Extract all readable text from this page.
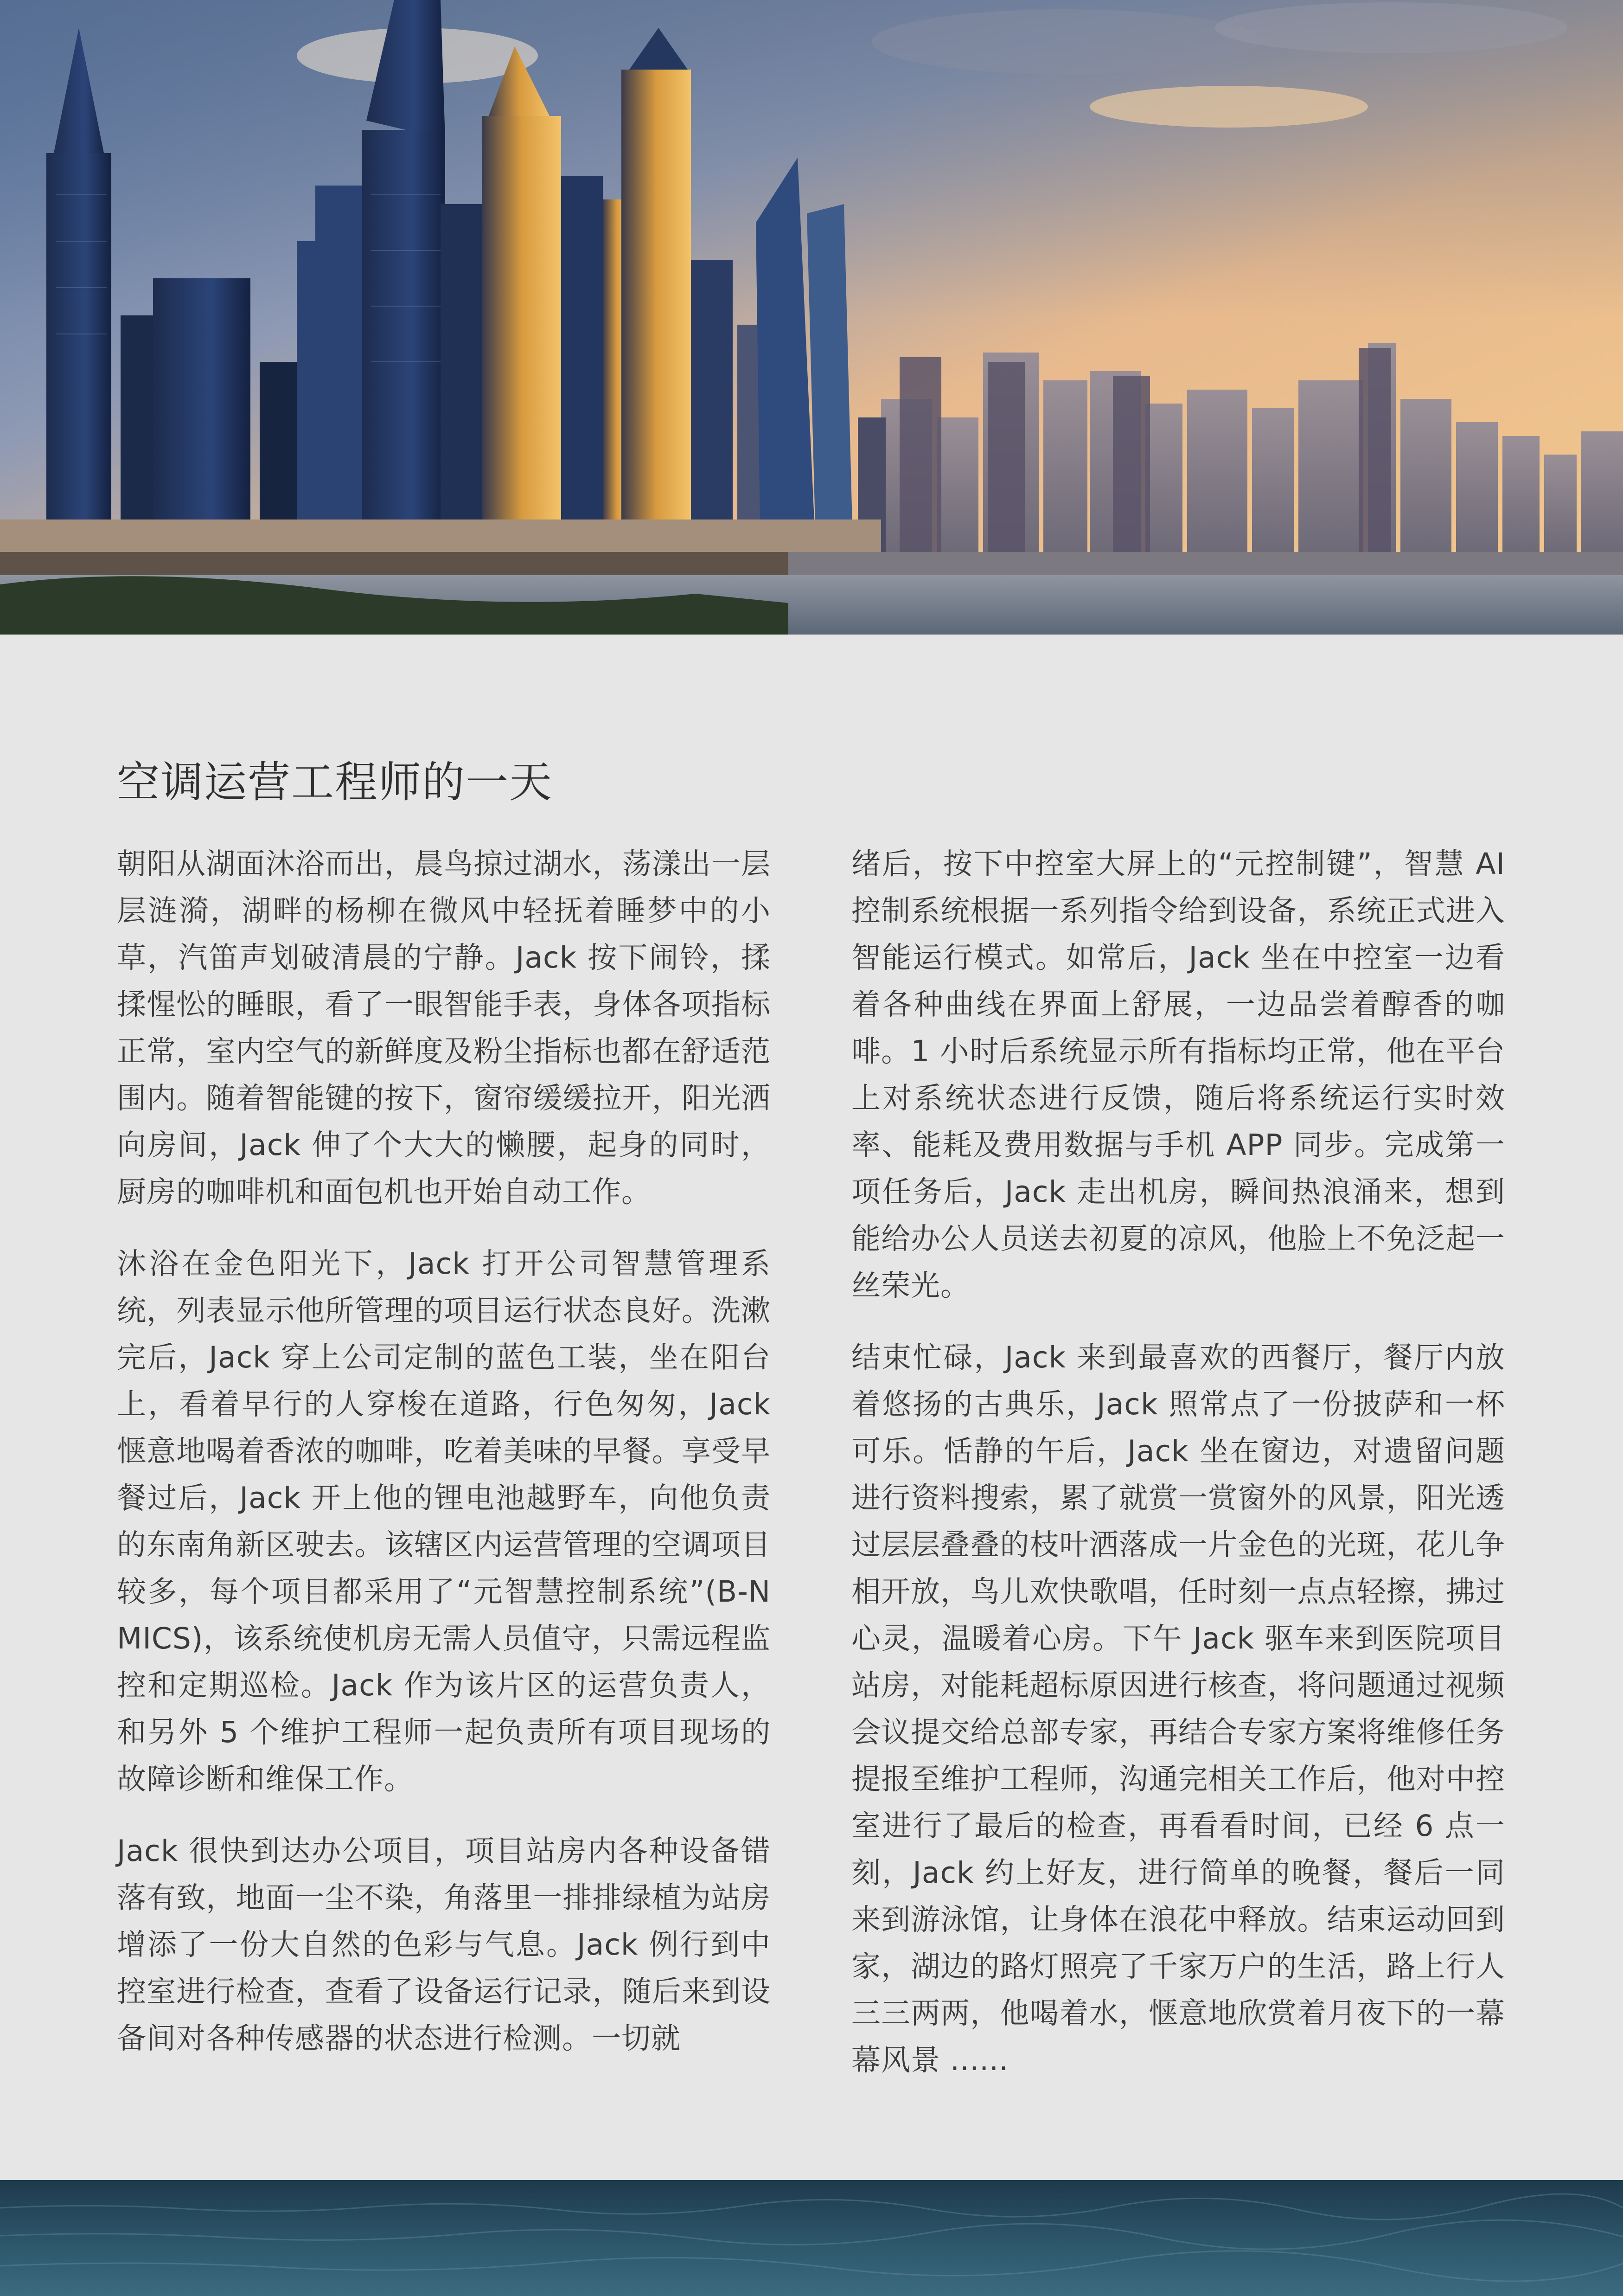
空调运营工程师的一天

朝阳从湖面沐浴而出，晨鸟掠过湖水，荡漾出一层层涟漪，湖畔的杨柳在微风中轻抚着睡梦中的小草，汽笛声划破清晨的宁静。Jack 按下闹铃，揉揉惺忪的睡眼，看了一眼智能手表，身体各项指标正常，室内空气的新鲜度及粉尘指标也都在舒适范围内。随着智能键的按下，窗帘缓缓拉开，阳光洒向房间，Jack 伸了个大大的懒腰，起身的同时，厨房的咖啡机和面包机也开始自动工作。

沐浴在金色阳光下，Jack 打开公司智慧管理系统，列表显示他所管理的项目运行状态良好。洗漱完后，Jack 穿上公司定制的蓝色工装，坐在阳台上，看着早行的人穿梭在道路，行色匆匆，Jack 惬意地喝着香浓的咖啡，吃着美味的早餐。享受早餐过后，Jack 开上他的锂电池越野车，向他负责的东南角新区驶去。该辖区内运营管理的空调项目较多，每个项目都采用了“元智慧控制系统”(B-NMICS)，该系统使机房无需人员值守，只需远程监控和定期巡检。Jack 作为该片区的运营负责人，和另外 5 个维护工程师一起负责所有项目现场的故障诊断和维保工作。

Jack 很快到达办公项目，项目站房内各种设备错落有致，地面一尘不染，角落里一排排绿植为站房增添了一份大自然的色彩与气息。Jack 例行到中控室进行检查，查看了设备运行记录，随后来到设备间对各种传感器的状态进行检测。一切就

绪后，按下中控室大屏上的“元控制键”，智慧 AI 控制系统根据一系列指令给到设备，系统正式进入智能运行模式。如常后，Jack 坐在中控室一边看着各种曲线在界面上舒展，一边品尝着醇香的咖啡。1 小时后系统显示所有指标均正常，他在平台上对系统状态进行反馈，随后将系统运行实时效率、能耗及费用数据与手机 APP 同步。完成第一项任务后，Jack 走出机房，瞬间热浪涌来，想到能给办公人员送去初夏的凉风，他脸上不免泛起一丝荣光。

结束忙碌，Jack 来到最喜欢的西餐厅，餐厅内放着悠扬的古典乐，Jack 照常点了一份披萨和一杯可乐。恬静的午后，Jack 坐在窗边，对遗留问题进行资料搜索，累了就赏一赏窗外的风景，阳光透过层层叠叠的枝叶洒落成一片金色的光斑，花儿争相开放，鸟儿欢快歌唱，任时刻一点点轻擦，拂过心灵，温暖着心房。下午 Jack 驱车来到医院项目站房，对能耗超标原因进行核查，将问题通过视频会议提交给总部专家，再结合专家方案将维修任务提报至维护工程师，沟通完相关工作后，他对中控室进行了最后的检查，再看看时间，已经 6 点一刻，Jack 约上好友，进行简单的晚餐，餐后一同来到游泳馆，让身体在浪花中释放。结束运动回到家，湖边的路灯照亮了千家万户的生活，路上行人三三两两，他喝着水，惬意地欣赏着月夜下的一幕幕风景 ......
